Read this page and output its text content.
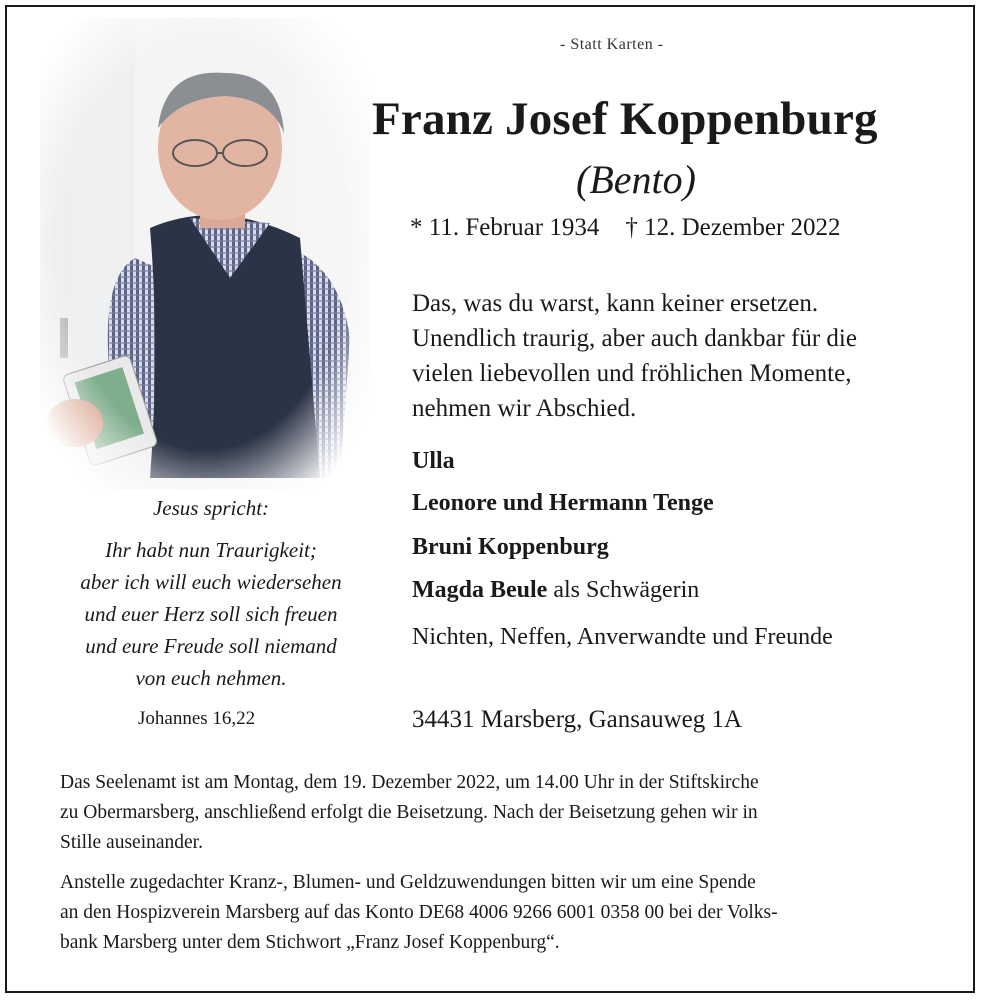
- Statt Karten -
Franz Josef Koppenburg
(Bento)
* 11. Februar 1934 † 12. Dezember 2022
Das, was du warst, kann keiner ersetzen.
Unendlich traurig, aber auch dankbar für die
vielen liebevollen und fröhlichen Momente,
nehmen wir Abschied.
Ulla
Leonore und Hermann Tenge
Bruni Koppenburg
Magda Beule als Schwägerin
Nichten, Neffen, Anverwandte und Freunde
Jesus spricht:
Ihr habt nun Traurigkeit;
aber ich will euch wiedersehen
und euer Herz soll sich freuen
und eure Freude soll niemand
von euch nehmen.
Johannes 16,22	34431 Marsberg, Gansauweg 1A
Das Seelenamt ist am Montag, dem 19. Dezember 2022, um 14.00 Uhr in der Stiftskirche
zu Obermarsberg, anschließend erfolgt die Beisetzung. Nach der Beisetzung gehen wir in
Stille auseinander.
Anstelle zugedachter Kranz-, Blumen- und Geldzuwendungen bitten wir um eine Spende
an den Hospizverein Marsberg auf das Konto DE68 4006 9266 6001 0358 00 bei der Volks-
bank Marsberg unter dem Stichwort „Franz Josef Koppenburg“.
